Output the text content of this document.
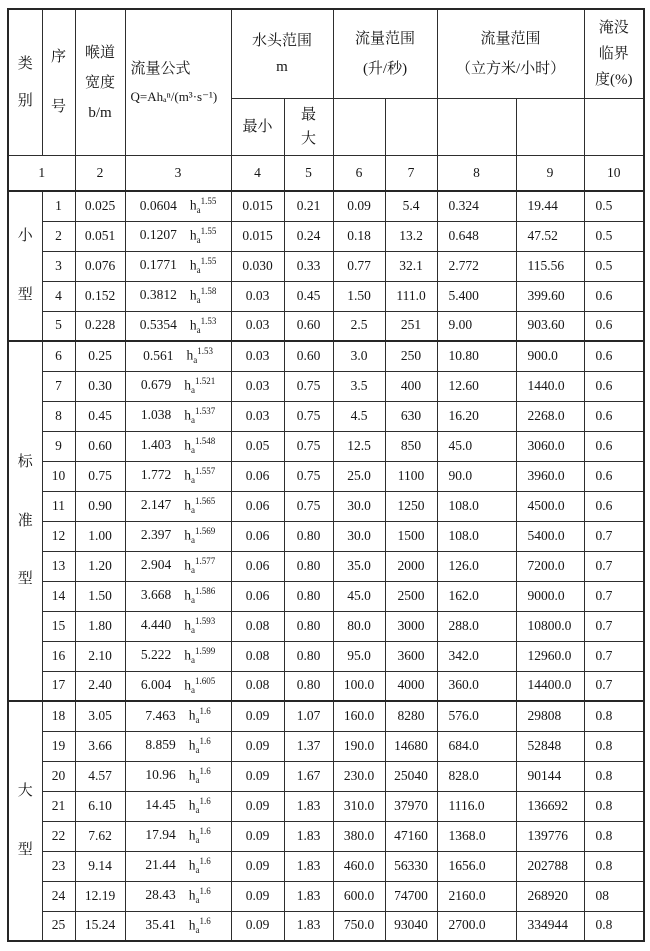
类
别	序
号	喉道
宽度
b/m	流量公式
Q=Ahₐⁿ/(m³·s⁻¹)	水头范围
m		流量范围
(升/秒)		流量范围
（立方米/小时）		淹没
临界
度(%)

				最小	最
大					

1		2	3	4	5	6	7	8	9	10

小
型	1	0.025	0.0604 $h_a^{1.55}$	0.015	0.21	0.09	5.4	0.324	19.44	0.5
	2	0.051	0.1207 $h_a^{1.55}$	0.015	0.24	0.18	13.2	0.648	47.52	0.5
	3	0.076	0.1771 $h_a^{1.55}$	0.030	0.33	0.77	32.1	2.772	115.56	0.5
	4	0.152	0.3812 $h_a^{1.58}$	0.03	0.45	1.50	111.0	5.400	399.60	0.6
	5	0.228	0.5354 $h_a^{1.53}$	0.03	0.60	2.5	251	9.00	903.60	0.6

标
准
型	6	0.25	0.561 $h_a^{1.53}$	0.03	0.60	3.0	250	10.80	900.0	0.6
	7	0.30	0.679 $h_a^{1.521}$	0.03	0.75	3.5	400	12.60	1440.0	0.6
	8	0.45	1.038 $h_a^{1.537}$	0.03	0.75	4.5	630	16.20	2268.0	0.6
	9	0.60	1.403 $h_a^{1.548}$	0.05	0.75	12.5	850	45.0	3060.0	0.6
	10	0.75	1.772 $h_a^{1.557}$	0.06	0.75	25.0	1100	90.0	3960.0	0.6
	11	0.90	2.147 $h_a^{1.565}$	0.06	0.75	30.0	1250	108.0	4500.0	0.6
	12	1.00	2.397 $h_a^{1.569}$	0.06	0.80	30.0	1500	108.0	5400.0	0.7
	13	1.20	2.904 $h_a^{1.577}$	0.06	0.80	35.0	2000	126.0	7200.0	0.7
	14	1.50	3.668 $h_a^{1.586}$	0.06	0.80	45.0	2500	162.0	9000.0	0.7
	15	1.80	4.440 $h_a^{1.593}$	0.08	0.80	80.0	3000	288.0	10800.0	0.7
	16	2.10	5.222 $h_a^{1.599}$	0.08	0.80	95.0	3600	342.0	12960.0	0.7
	17	2.40	6.004 $h_a^{1.605}$	0.08	0.80	100.0	4000	360.0	14400.0	0.7

大
型	18	3.05	7.463 $h_a^{1.6}$	0.09	1.07	160.0	8280	576.0	29808	0.8
	19	3.66	8.859 $h_a^{1.6}$	0.09	1.37	190.0	14680	684.0	52848	0.8
	20	4.57	10.96 $h_a^{1.6}$	0.09	1.67	230.0	25040	828.0	90144	0.8
	21	6.10	14.45 $h_a^{1.6}$	0.09	1.83	310.0	37970	1116.0	136692	0.8
	22	7.62	17.94 $h_a^{1.6}$	0.09	1.83	380.0	47160	1368.0	139776	0.8
	23	9.14	21.44 $h_a^{1.6}$	0.09	1.83	460.0	56330	1656.0	202788	0.8
	24	12.19	28.43 $h_a^{1.6}$	0.09	1.83	600.0	74700	2160.0	268920	08
	25	15.24	35.41 $h_a^{1.6}$	0.09	1.83	750.0	93040	2700.0	334944	0.8
